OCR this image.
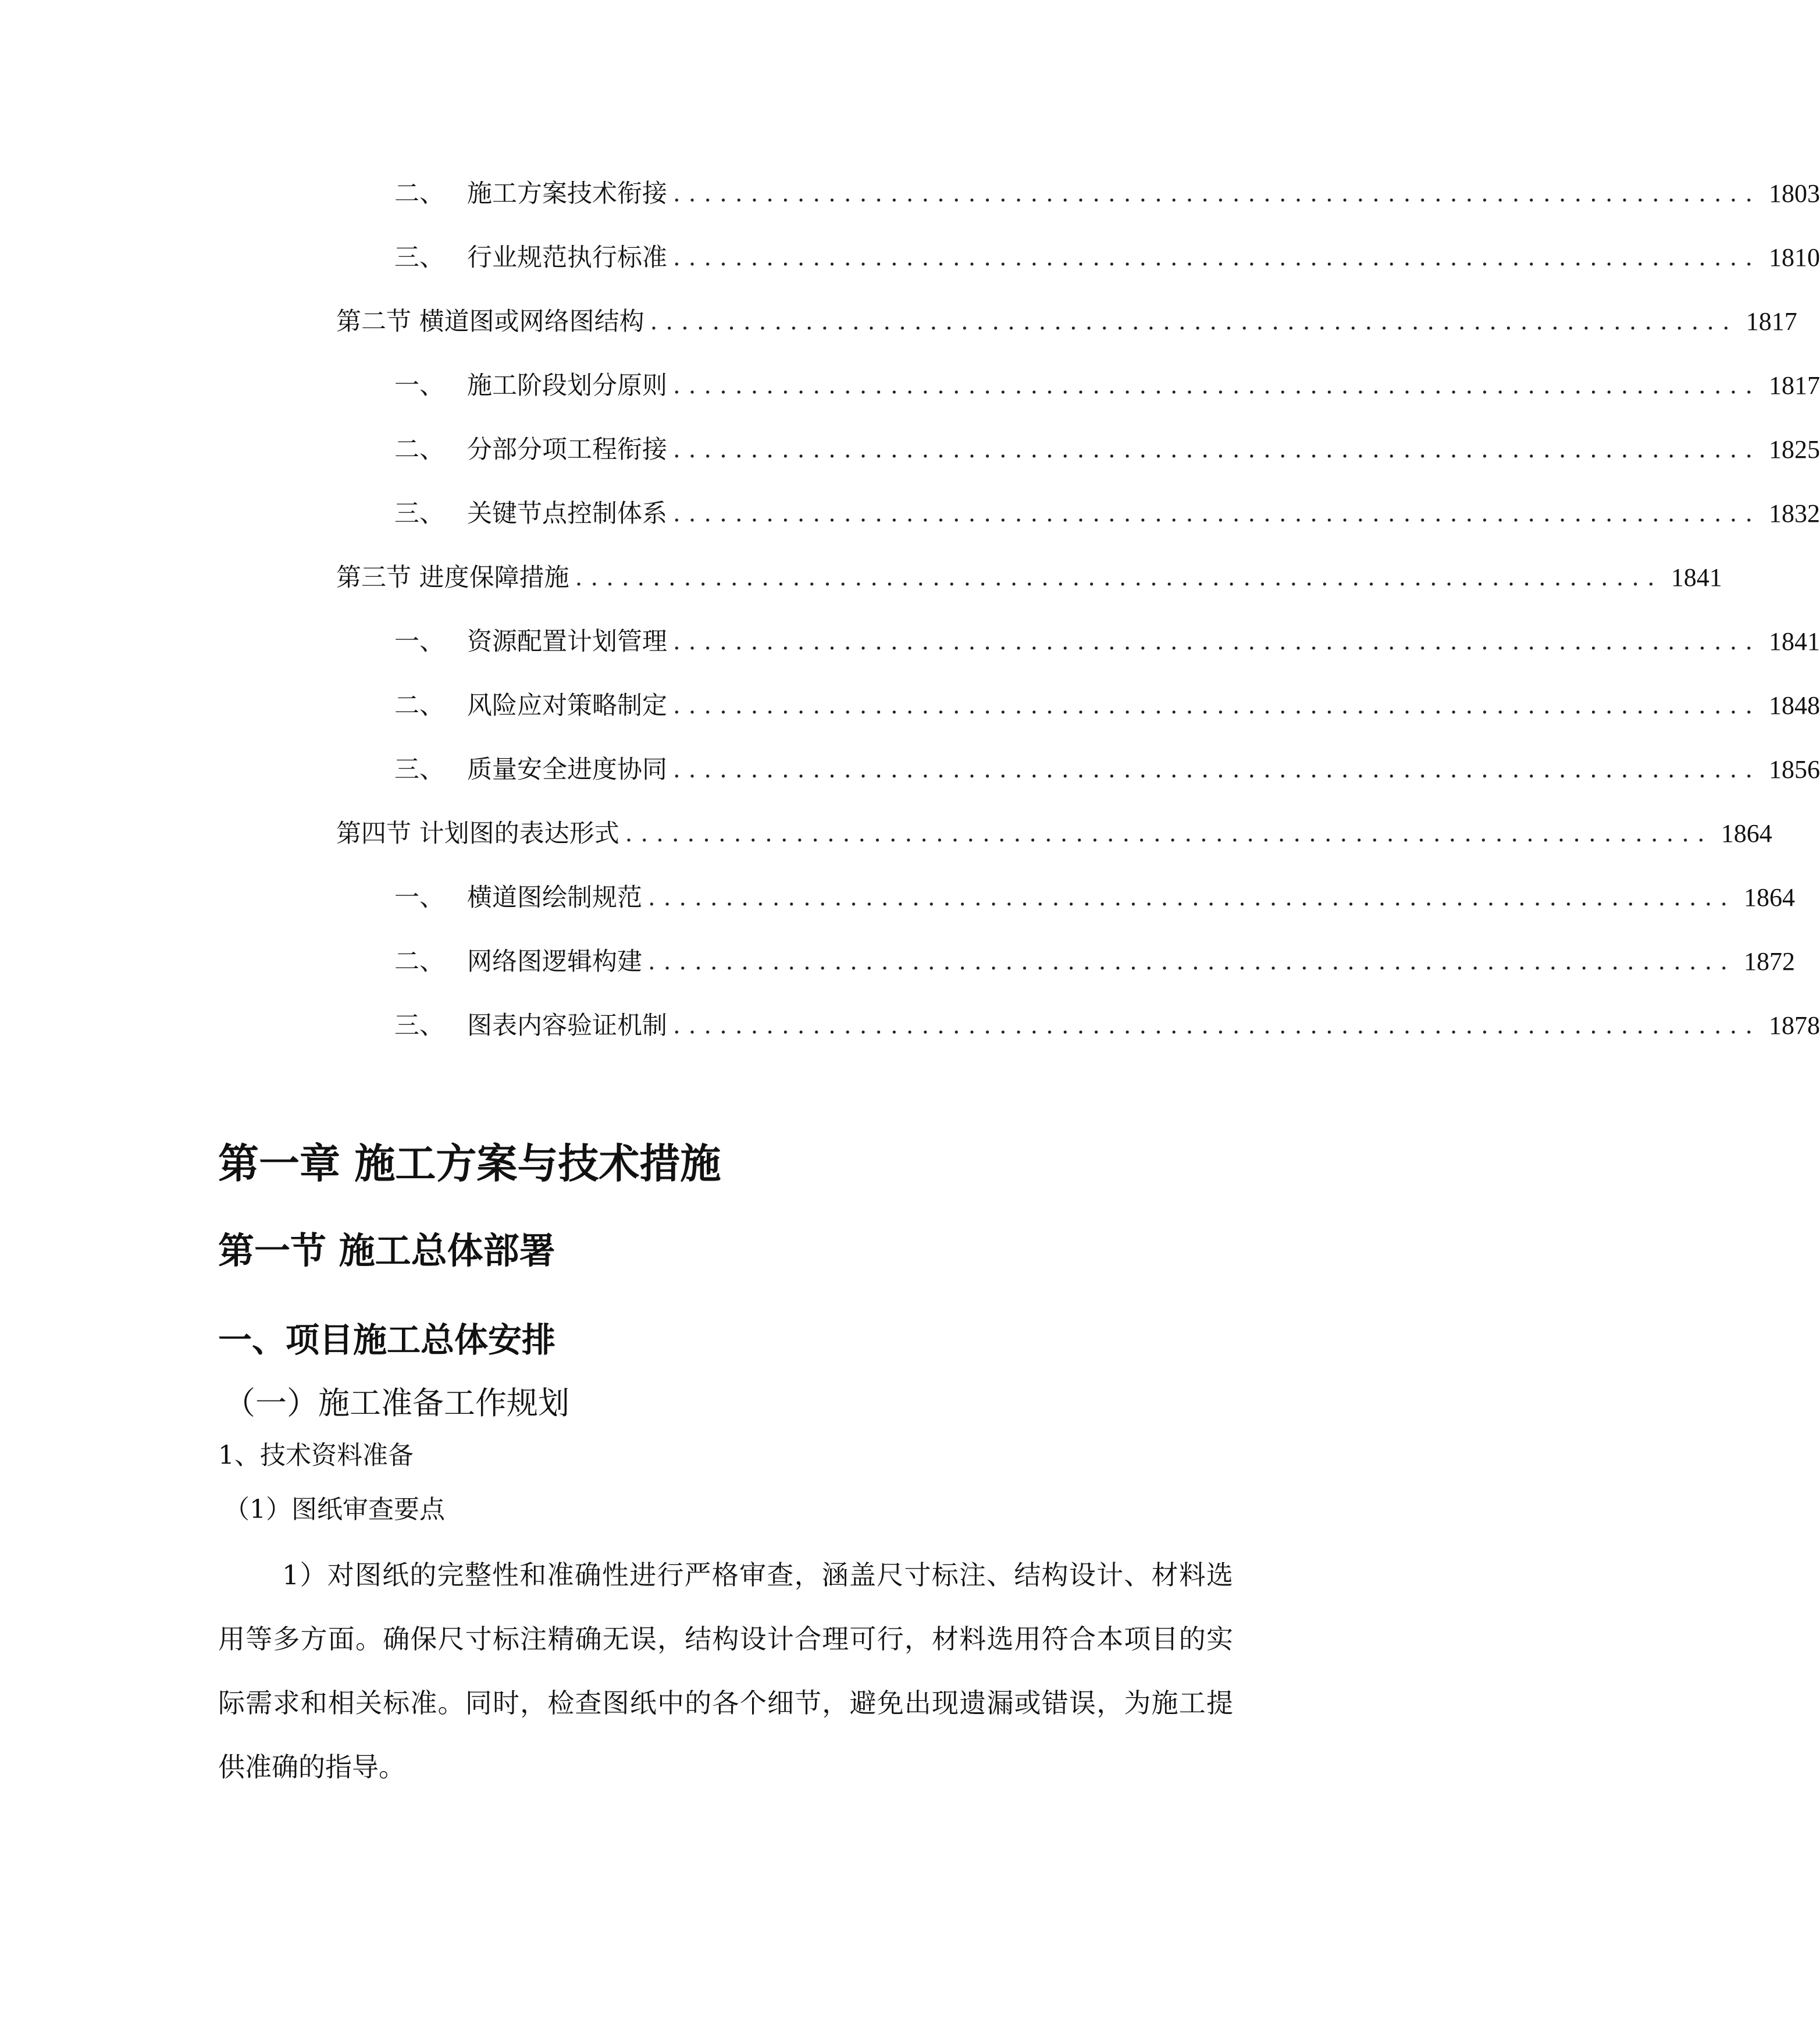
二、 施工方案技术衔接 ...................................................................... 1803
三、 行业规范执行标准 ...................................................................... 1810
第二节 横道图或网络图结构 ...................................................................... 1817
一、 施工阶段划分原则 ...................................................................... 1817
二、 分部分项工程衔接 ...................................................................... 1825
三、 关键节点控制体系 ...................................................................... 1832
第三节 进度保障措施 ...................................................................... 1841
一、 资源配置计划管理 ...................................................................... 1841
二、 风险应对策略制定 ...................................................................... 1848
三、 质量安全进度协同 ...................................................................... 1856
第四节 计划图的表达形式 ...................................................................... 1864
一、 横道图绘制规范 ...................................................................... 1864
二、 网络图逻辑构建 ...................................................................... 1872
三、 图表内容验证机制 ...................................................................... 1878
第一章 施工方案与技术措施
第一节 施工总体部署
一、项目施工总体安排
（一）施工准备工作规划
1、技术资料准备
（1）图纸审查要点
1）对图纸的完整性和准确性进行严格审查，涵盖尺寸标注、结构设计、材料选用等多方面。确保尺寸标注精确无误，结构设计合理可行，材料选用符合本项目的实际需求和相关标准。同时，检查图纸中的各个细节，避免出现遗漏或错误，为施工提供准确的指导。
